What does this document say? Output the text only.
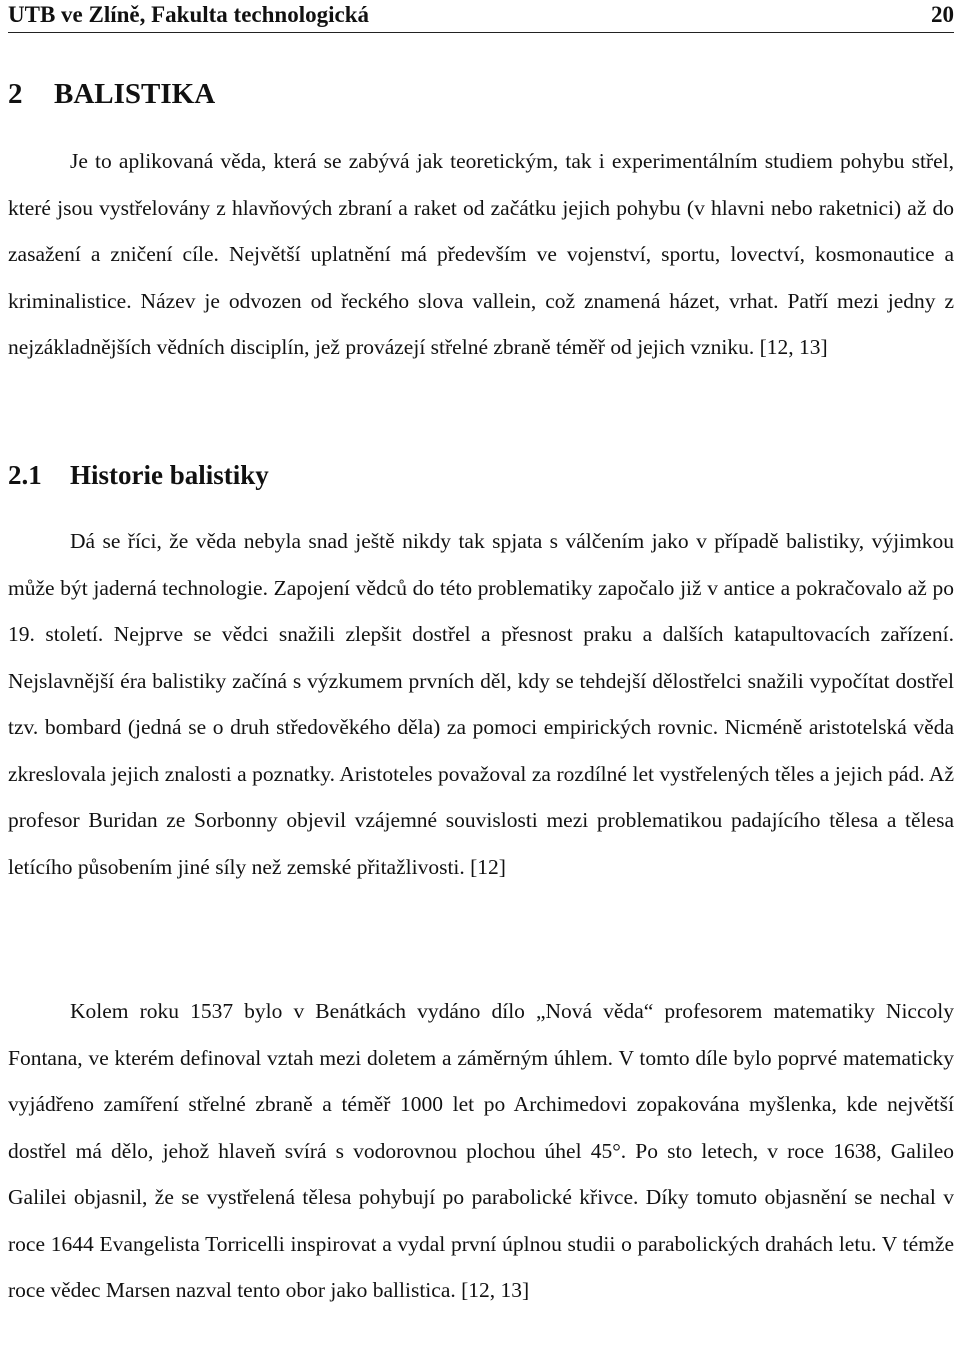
UTB ve Zlíně, Fakulta technologická	20
2 BALISTIKA

Je to aplikovaná věda, která se zabývá jak teoretickým, tak i experimentálním studiem pohybu střel, které jsou vystřelovány z hlavňových zbraní a raket od začátku jejich pohybu (v hlavni nebo raketnici) až do zasažení a zničení cíle. Největší uplatnění má především ve vojenství, sportu, lovectví, kosmonautice a kriminalistice. Název je odvozen od řeckého slova vallein, což znamená házet, vrhat. Patří mezi jedny z nejzákladnějších vědních disciplín, jež provázejí střelné zbraně téměř od jejich vzniku. [12, 13]

2.1 Historie balistiky

Dá se říci, že věda nebyla snad ještě nikdy tak spjata s válčením jako v případě balistiky, výjimkou může být jaderná technologie. Zapojení vědců do této problematiky započalo již v antice a pokračovalo až po 19. století. Nejprve se vědci snažili zlepšit dostřel a přesnost praku a dalších katapultovacích zařízení. Nejslavnější éra balistiky začíná s výzkumem prvních děl, kdy se tehdejší dělostřelci snažili vypočítat dostřel tzv. bombard (jedná se o druh středověkého děla) za pomoci empirických rovnic. Nicméně aristotelská věda zkreslovala jejich znalosti a poznatky. Aristoteles považoval za rozdílné let vystřelených těles a jejich pád. Až profesor Buridan ze Sorbonny objevil vzájemné souvislosti mezi problematikou padajícího tělesa a tělesa letícího působením jiné síly než zemské přitažlivosti. [12]

Kolem roku 1537 bylo v Benátkách vydáno dílo „Nová věda“ profesorem matematiky Niccoly Fontana, ve kterém definoval vztah mezi doletem a záměrným úhlem. V tomto díle bylo poprvé matematicky vyjádřeno zamíření střelné zbraně a téměř 1000 let po Archimedovi zopakována myšlenka, kde největší dostřel má dělo, jehož hlaveň svírá s vodorovnou plochou úhel 45°. Po sto letech, v roce 1638, Galileo Galilei objasnil, že se vystřelená tělesa pohybují po parabolické křivce. Díky tomuto objasnění se nechal v roce 1644 Evangelista Torricelli inspirovat a vydal první úplnou studii o parabolických drahách letu. V témže roce vědec Marsen nazval tento obor jako ballistica. [12, 13]
